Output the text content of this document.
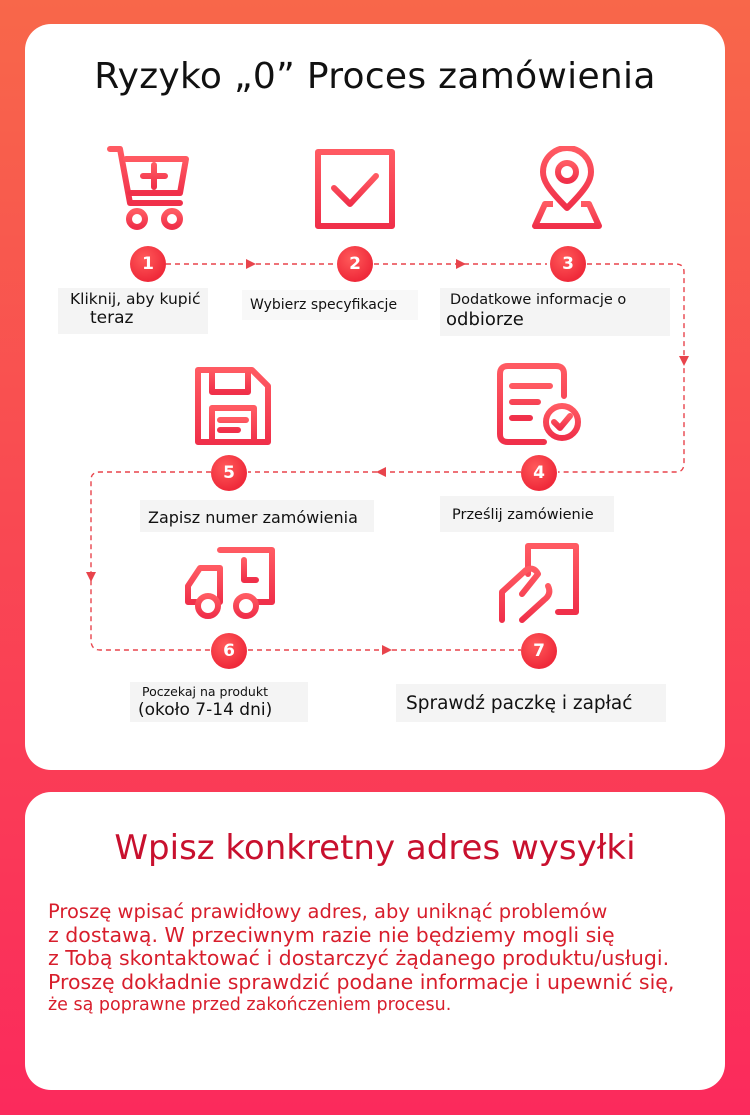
Ryzyko „0” Proces zamówienia
1	2	3
4
5
6	7
Kliknij, aby kupić
teraz
Wybierz specyfikacje	Dodatkowe informacje o
odbiorze
Prześlij zamówienie
Zapisz numer zamówienia
Poczekaj na produkt
(około 7-14 dni)	Sprawdź paczkę i zapłać
Wpisz konkretny adres wysyłki
Proszę wpisać prawidłowy adres, aby uniknąć problemów
z dostawą. W przeciwnym razie nie będziemy mogli się
z Tobą skontaktować i dostarczyć żądanego produktu/usługi.
Proszę dokładnie sprawdzić podane informacje i upewnić się,
że są poprawne przed zakończeniem procesu.
